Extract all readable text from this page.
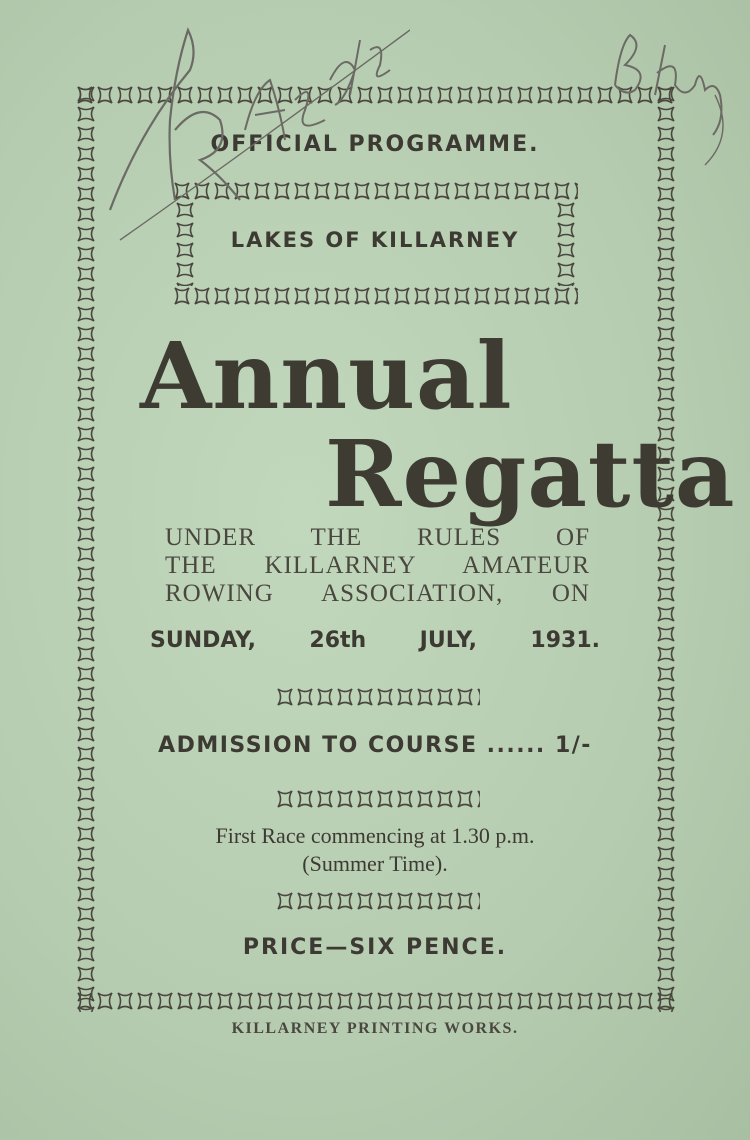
OFFICIAL PROGRAMME.
LAKES OF KILLARNEY
Annual
Regatta
UNDER THE RULES OF
THE KILLARNEY AMATEUR
ROWING ASSOCIATION, ON
SUNDAY, 26th JULY, 1931.
ADMISSION TO COURSE ...... 1/-
First Race commencing at 1.30 p.m.
(Summer Time).
PRICE—SIX PENCE.
KILLARNEY PRINTING WORKS.
